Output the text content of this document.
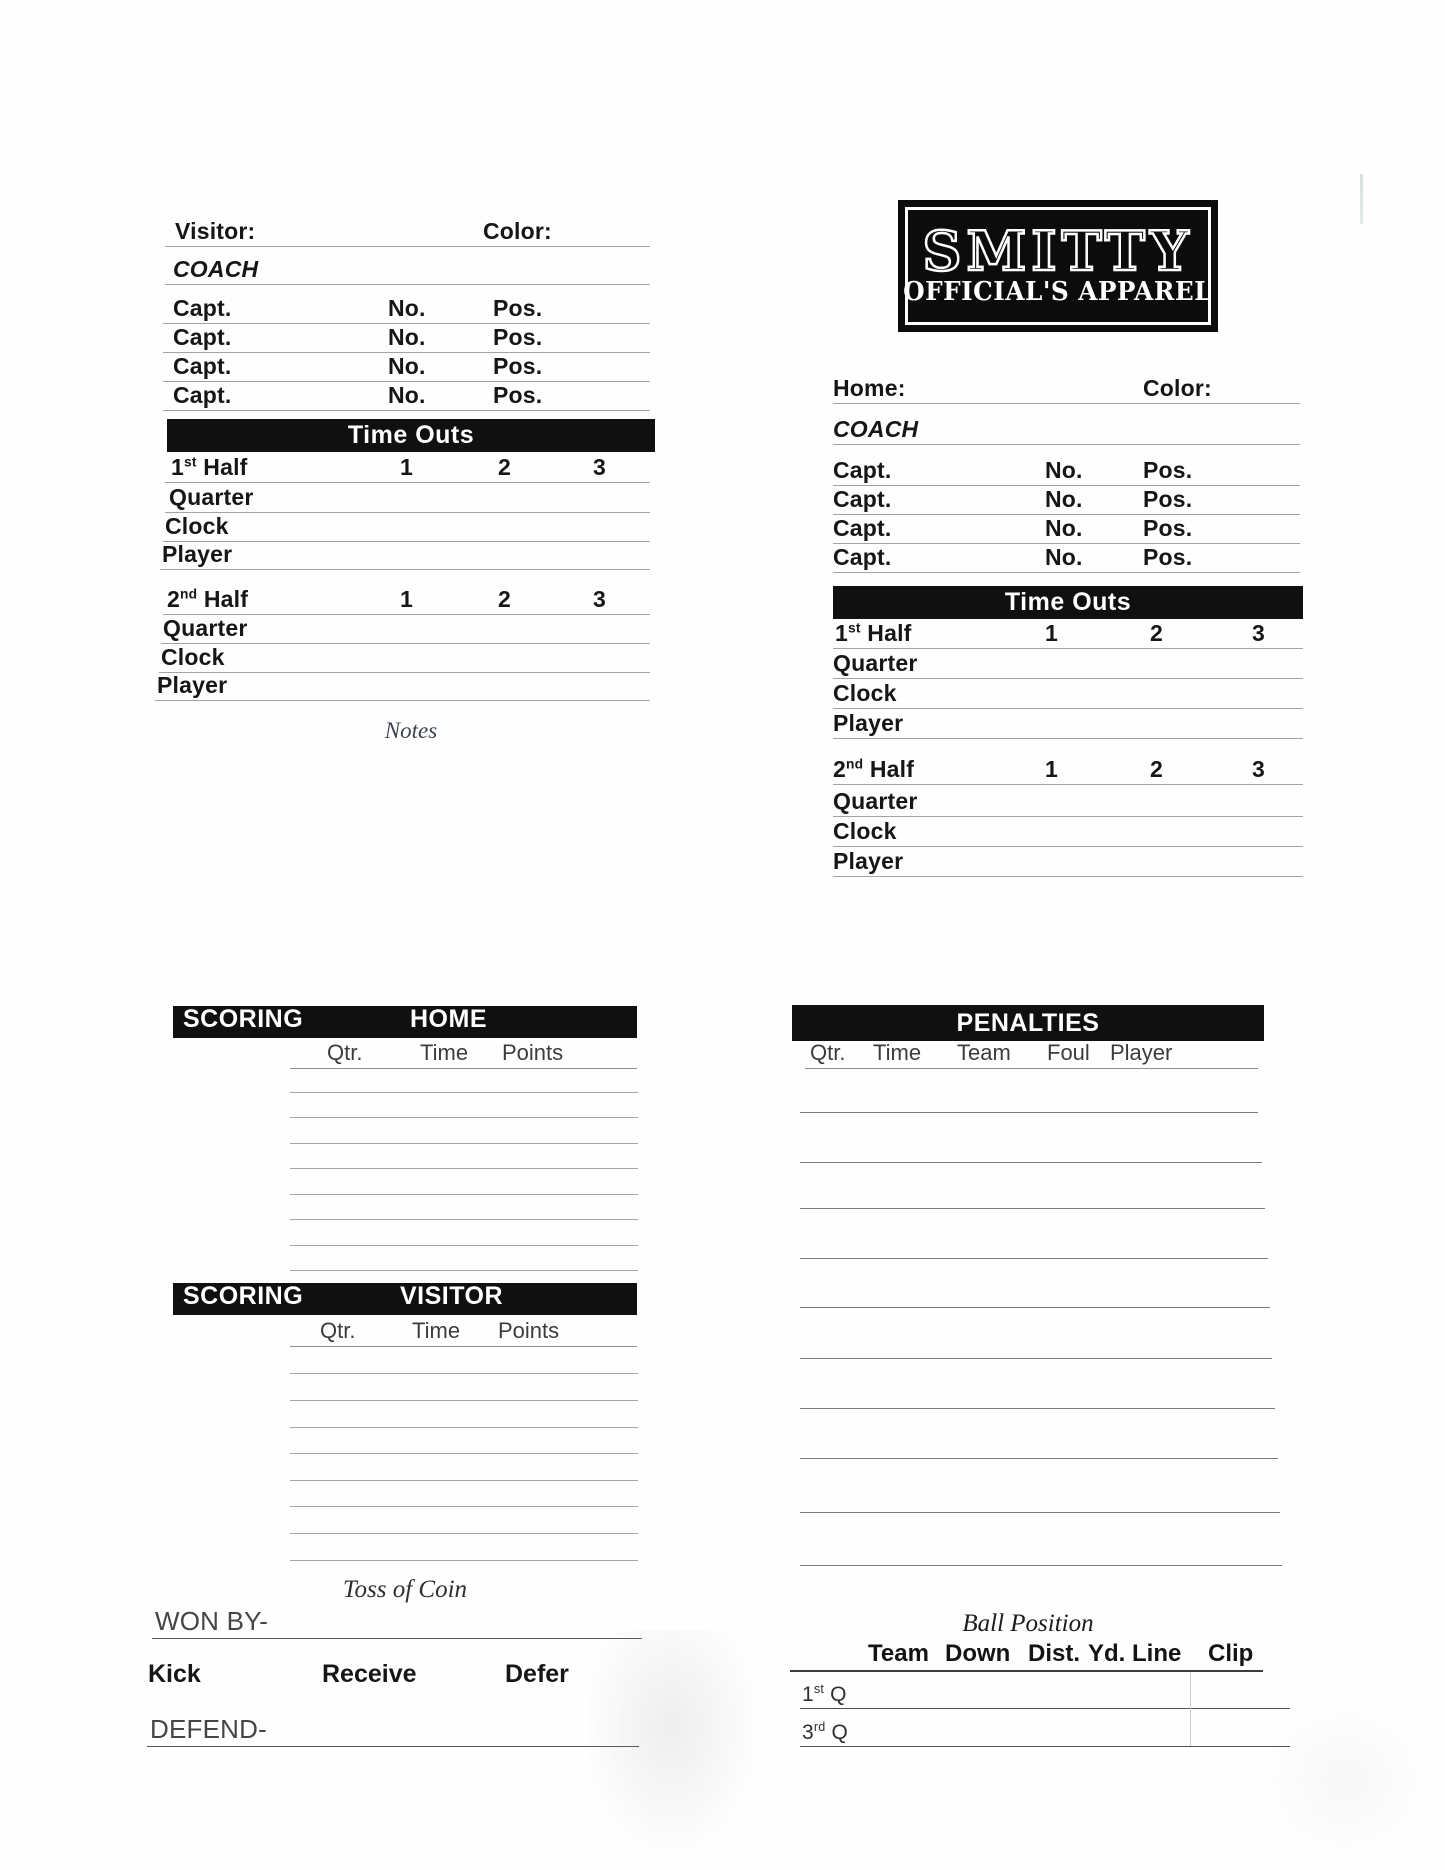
Visitor:	Color:
COACH
Capt.	No.	Pos.
Capt.	No.	Pos.
Capt.	No.	Pos.
Capt.	No.	Pos.
Time Outs
1st Half	1	2	3
Quarter
Clock
Player
2nd Half	1	2	3
Quarter
Clock
Player
Notes
SMITTY
OFFICIAL'S APPAREL
Home:	Color:
COACH
Capt.	No.	Pos.
Capt.	No.	Pos.
Capt.	No.	Pos.
Capt.	No.	Pos.
Time Outs
1st Half	1	2	3
Quarter
Clock
Player
2nd Half	1	2	3
Quarter
Clock
Player
SCORING	HOME
Qtr.	Time Points
SCORING	VISITOR
Qtr.	Time Points
Toss of Coin
WON BY-
Kick	Receive	Defer
DEFEND-
PENALTIES
Qtr. Time Team Foul Player
Ball Position
Team Down Dist. Yd. Line Clip
1st Q
3rd Q
